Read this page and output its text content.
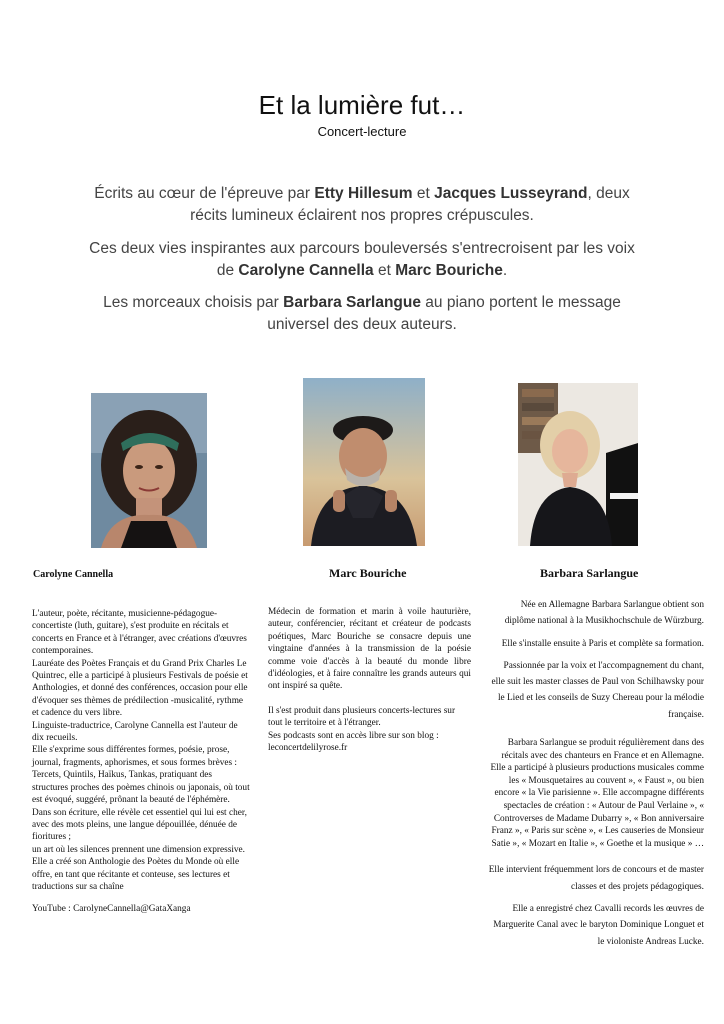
Et la lumière fut…
Concert-lecture
Écrits au cœur de l'épreuve par Etty Hillesum et Jacques Lusseyrand, deux récits lumineux éclairent nos propres crépuscules.
Ces deux vies inspirantes aux parcours bouleversés s'entrecroisent par les voix de Carolyne Cannella et Marc Bouriche.
Les morceaux choisis par Barbara Sarlangue au piano portent le message universel des deux auteurs.
Carolyne Cannella	Marc Bouriche	Barbara Sarlangue

L'auteur, poète, récitante, musicienne-pédagogue-concertiste (luth, guitare), s'est produite en récitals et concerts en France et à l'étranger, avec créations d'œuvres contemporaines.

Lauréate des Poètes Français et du Grand Prix Charles Le Quintrec, elle a participé à plusieurs Festivals de poésie et Anthologies, et donné des conférences, occasion pour elle d'évoquer ses thèmes de prédilection -musicalité, rythme et cadence du vers libre.

Linguiste-traductrice, Carolyne Cannella est l'auteur de dix recueils.

Elle s'exprime sous différentes formes, poésie, prose, journal, fragments, aphorismes, et sous formes brèves : Tercets, Quintils, Haïkus, Tankas, pratiquant des structures proches des poèmes chinois ou japonais, où tout est évoqué, suggéré, prônant la beauté de l'éphémère.

Dans son écriture, elle révèle cet essentiel qui lui est cher, avec des mots pleins, une langue dépouillée, dénuée de fioritures ;

un art où les silences prennent une dimension expressive.

Elle a créé son Anthologie des Poètes du Monde où elle offre, en tant que récitante et conteuse, ses lectures et traductions sur sa chaîne

YouTube : CarolyneCannella@GataXanga

Médecin de formation et marin à voile hauturière, auteur, conférencier, récitant et créateur de podcasts poétiques, Marc Bouriche se consacre depuis une vingtaine d'années à la transmission de la poésie comme voie d'accès à la beauté du monde libre d'idéologies, et à faire connaître les grands auteurs qui ont inspiré sa quête.

Il s'est produit dans plusieurs concerts-lectures sur tout le territoire et à l'étranger.

Ses podcasts sont en accès libre sur son blog :

leconcertdelilyrose.fr

Née en Allemagne Barbara Sarlangue obtient son diplôme national à la Musikhochschule de Würzburg.

Elle s'installe ensuite à Paris et complète sa formation.

Passionnée par la voix et l'accompagnement du chant, elle suit les master classes de Paul von Schilhawsky pour le Lied et les conseils de Suzy Chereau pour la mélodie française.

Barbara Sarlangue se produit régulièrement dans des récitals avec des chanteurs en France et en Allemagne. Elle a participé à plusieurs productions musicales comme les « Mousquetaires au couvent », « Faust », ou bien encore « la Vie parisienne ». Elle accompagne différents spectacles de création : « Autour de Paul Verlaine », « Controverses de Madame Dubarry », « Bon anniversaire Franz », « Paris sur scène », « Les causeries de Monsieur Satie », « Mozart en Italie », « Goethe et la musique » …

Elle intervient fréquemment lors de concours et de master classes et des projets pédagogiques.

Elle a enregistré chez Cavalli records les œuvres de Marguerite Canal avec le baryton Dominique Longuet et le violoniste Andreas Lucke.
